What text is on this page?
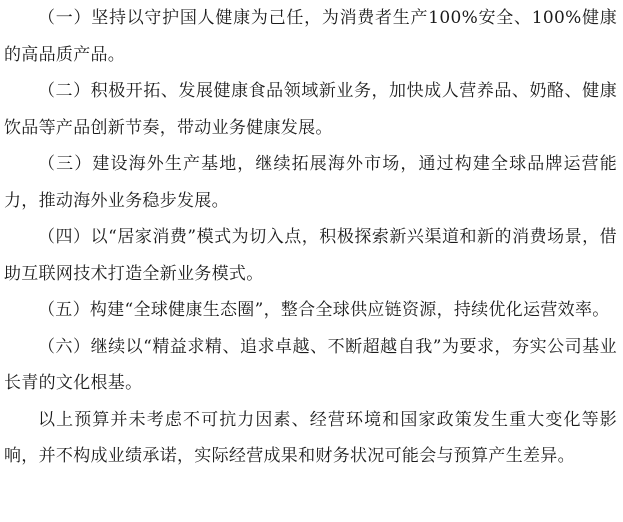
（一）坚持以守护国人健康为己任，为消费者生产100%安全、100%健康的高品质产品。

（二）积极开拓、发展健康食品领域新业务，加快成人营养品、奶酪、健康饮品等产品创新节奏，带动业务健康发展。

（三）建设海外生产基地，继续拓展海外市场，通过构建全球品牌运营能力，推动海外业务稳步发展。

（四）以“居家消费”模式为切入点，积极探索新兴渠道和新的消费场景，借助互联网技术打造全新业务模式。

（五）构建“全球健康生态圈”，整合全球供应链资源，持续优化运营效率。

（六）继续以“精益求精、追求卓越、不断超越自我”为要求，夯实公司基业长青的文化根基。

以上预算并未考虑不可抗力因素、经营环境和国家政策发生重大变化等影响，并不构成业绩承诺，实际经营成果和财务状况可能会与预算产生差异。
